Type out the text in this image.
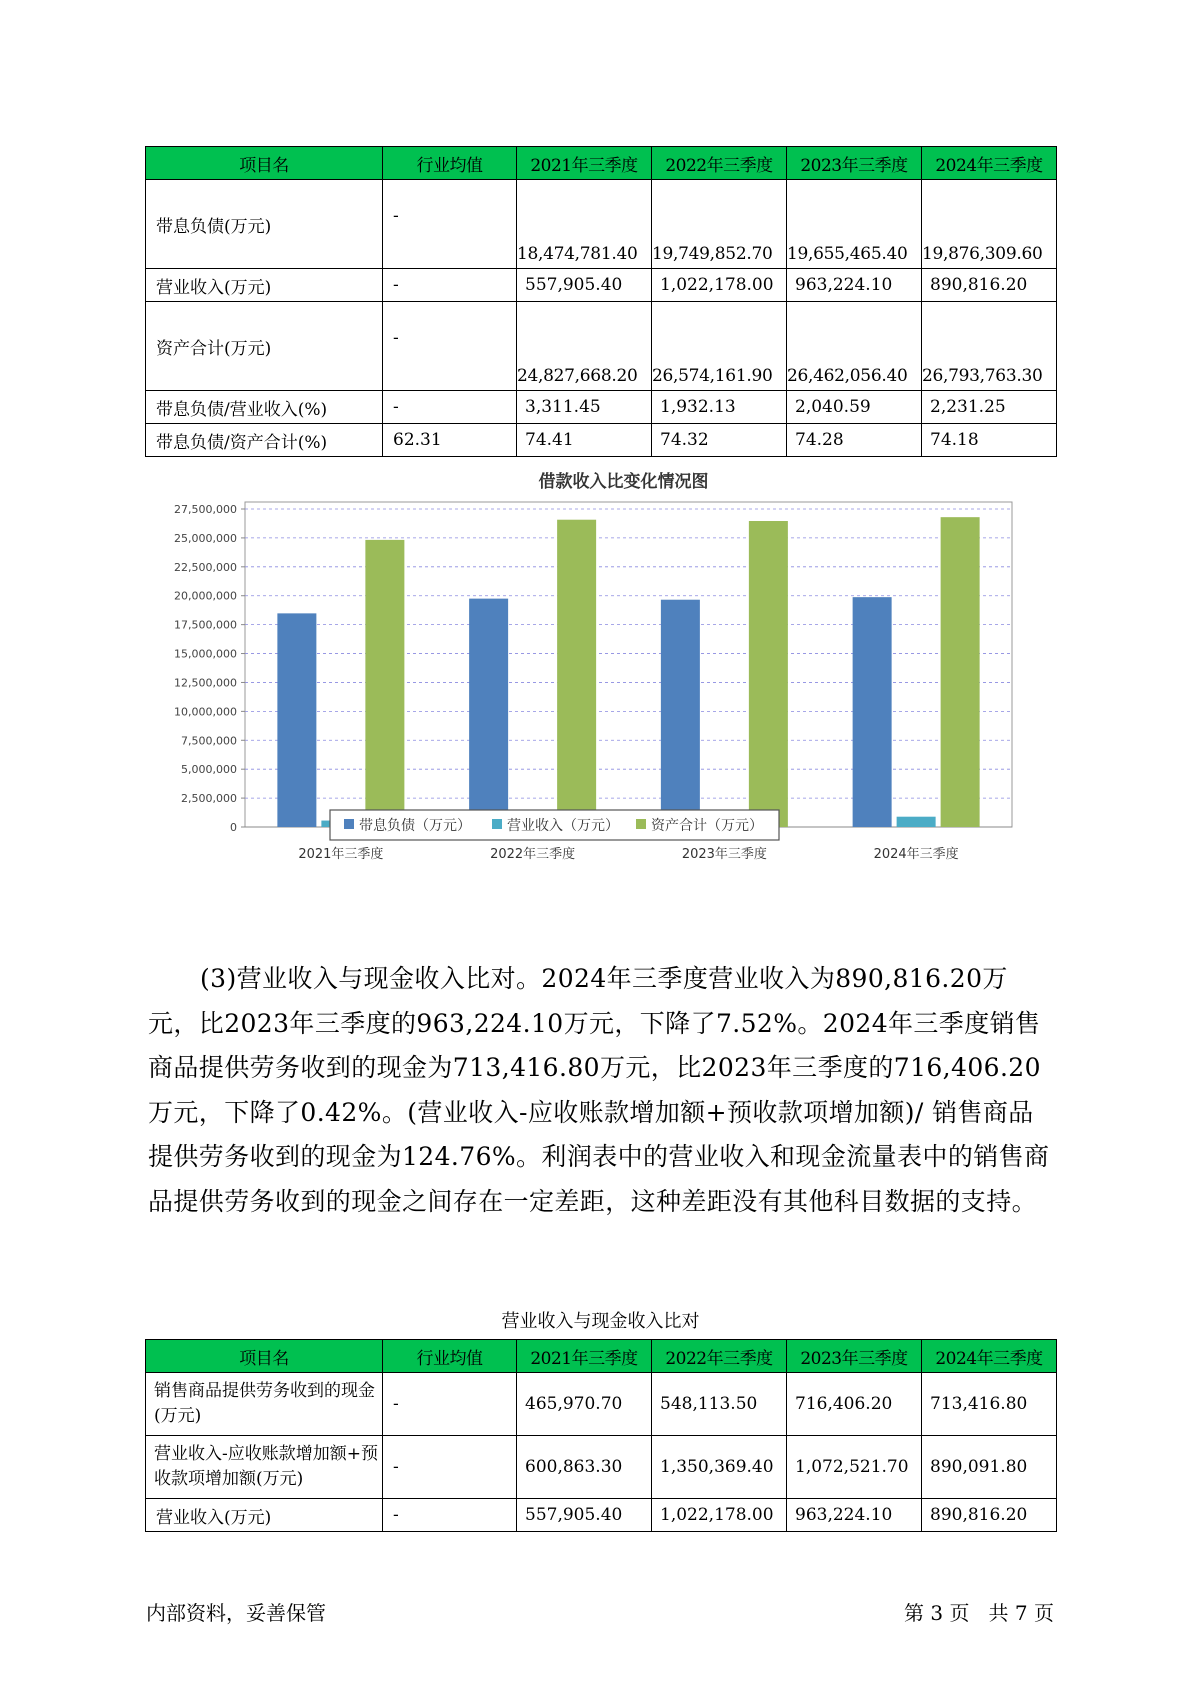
项目名	行业均值	2021年三季度	2022年三季度	2023年三季度	2024年三季度
带息负债(万元)	-	18,474,781.40	19,749,852.70	19,655,465.40	19,876,309.60
营业收入(万元)	-	557,905.40	1,022,178.00	963,224.10	890,816.20
资产合计(万元)	-	24,827,668.20	26,574,161.90	26,462,056.40	26,793,763.30
带息负债/营业收入(%)	-	3,311.45	1,932.13	2,040.59	2,231.25
带息负债/资产合计(%)	62.31	74.41	74.32	74.28	74.18
借款收入比变化情况图
0
2,500,000
5,000,000
7,500,000
10,000,000
12,500,000
15,000,000
17,500,000
20,000,000
22,500,000
25,000,000
27,500,000
2021年三季度	2022年三季度	2023年三季度	2024年三季度
带息负债（万元）	营业收入（万元） 资产合计（万元）

(3)营业收入与现金收入比对。2024年三季度营业收入为890,816.20万元，比2023年三季度的963,224.10万元，下降了7.52%。2024年三季度销售商品提供劳务收到的现金为713,416.80万元，比2023年三季度的716,406.20万元，下降了0.42%。(营业收入-应收账款增加额+预收款项增加额)/ 销售商品提供劳务收到的现金为124.76%。利润表中的营业收入和现金流量表中的销售商品提供劳务收到的现金之间存在一定差距，这种差距没有其他科目数据的支持。

营业收入与现金收入比对
项目名	行业均值	2021年三季度	2022年三季度	2023年三季度	2024年三季度
销售商品提供劳务收到的现金(万元)	-	465,970.70	548,113.50	716,406.20	713,416.80
营业收入-应收账款增加额+预收款项增加额(万元)	-	600,863.30	1,350,369.40	1,072,521.70	890,091.80
营业收入(万元)	-	557,905.40	1,022,178.00	963,224.10	890,816.20
内部资料，妥善保管	第 3 页   共 7 页
